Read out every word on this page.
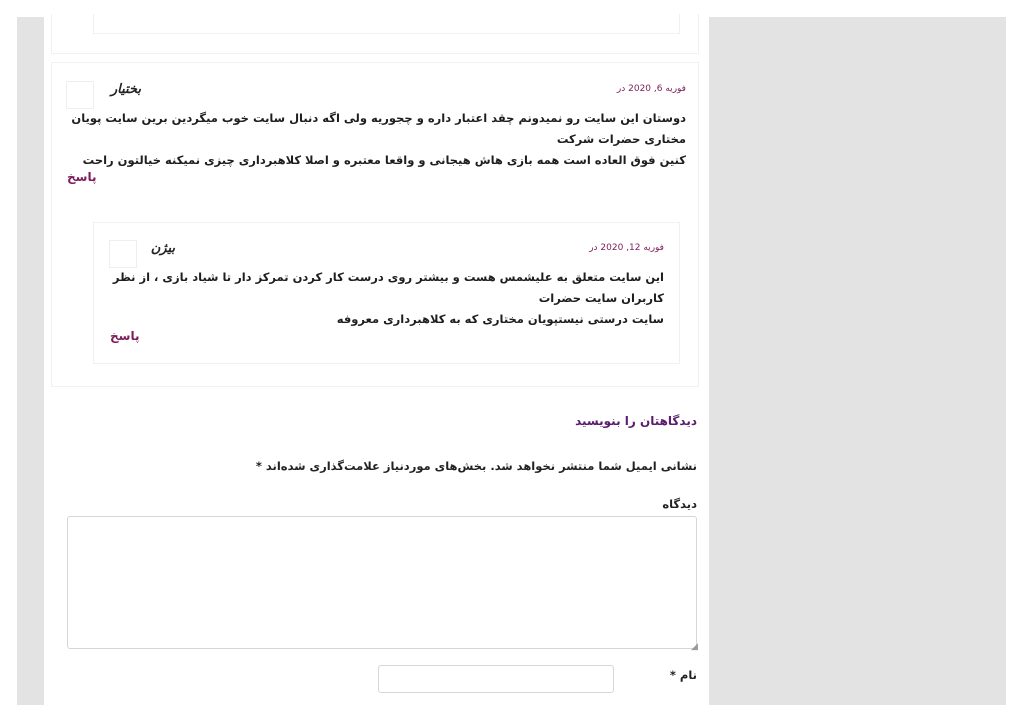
بختیار	فوریه 6, 2020 در
دوستان این سایت رو نمیدونم چقد اعتبار داره و چجوریه ولی اگه دنبال سایت خوب میگردین برین سایت پویان مختاری حضرات شرکت
کنین فوق العاده است همه بازی هاش هیجانی و واقعا معتبره و اصلا کلاهبرداری چیزی نمیکنه خیالتون راحت
پاسخ
بیژن	فوریه 12, 2020 در
این سایت متعلق به علیشمس هست و بیشتر روی درست کار کردن تمرکز دار تا شیاد بازی ، از نظر کاربران سایت حضرات
سایت درستی نیستپویان مختاری که به کلاهبرداری معروفه
پاسخ
دیدگاهتان را بنویسید
نشانی ایمیل شما منتشر نخواهد شد. بخش‌های موردنیاز علامت‌گذاری شده‌اند *
دیدگاه
◢
نام *
